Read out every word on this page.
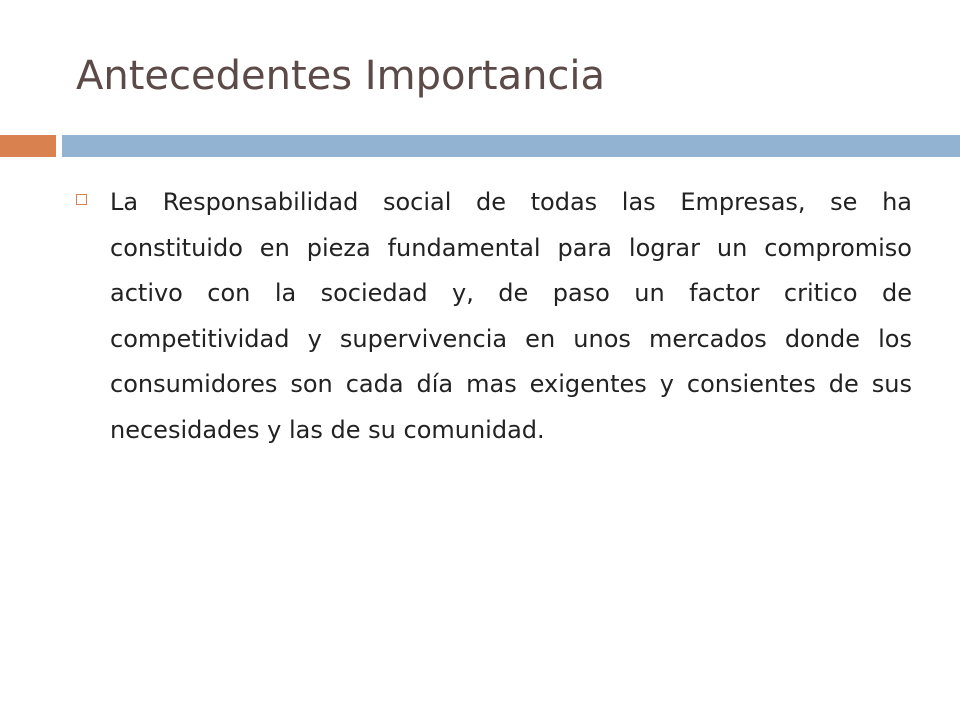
Antecedentes Importancia

La Responsabilidad social de todas las Empresas, se ha constituido en pieza fundamental para lograr un compromiso activo con la sociedad y, de paso un factor critico de competitividad y supervivencia en unos mercados donde los consumidores son cada día mas exigentes y consientes de sus necesidades y las de su comunidad.
